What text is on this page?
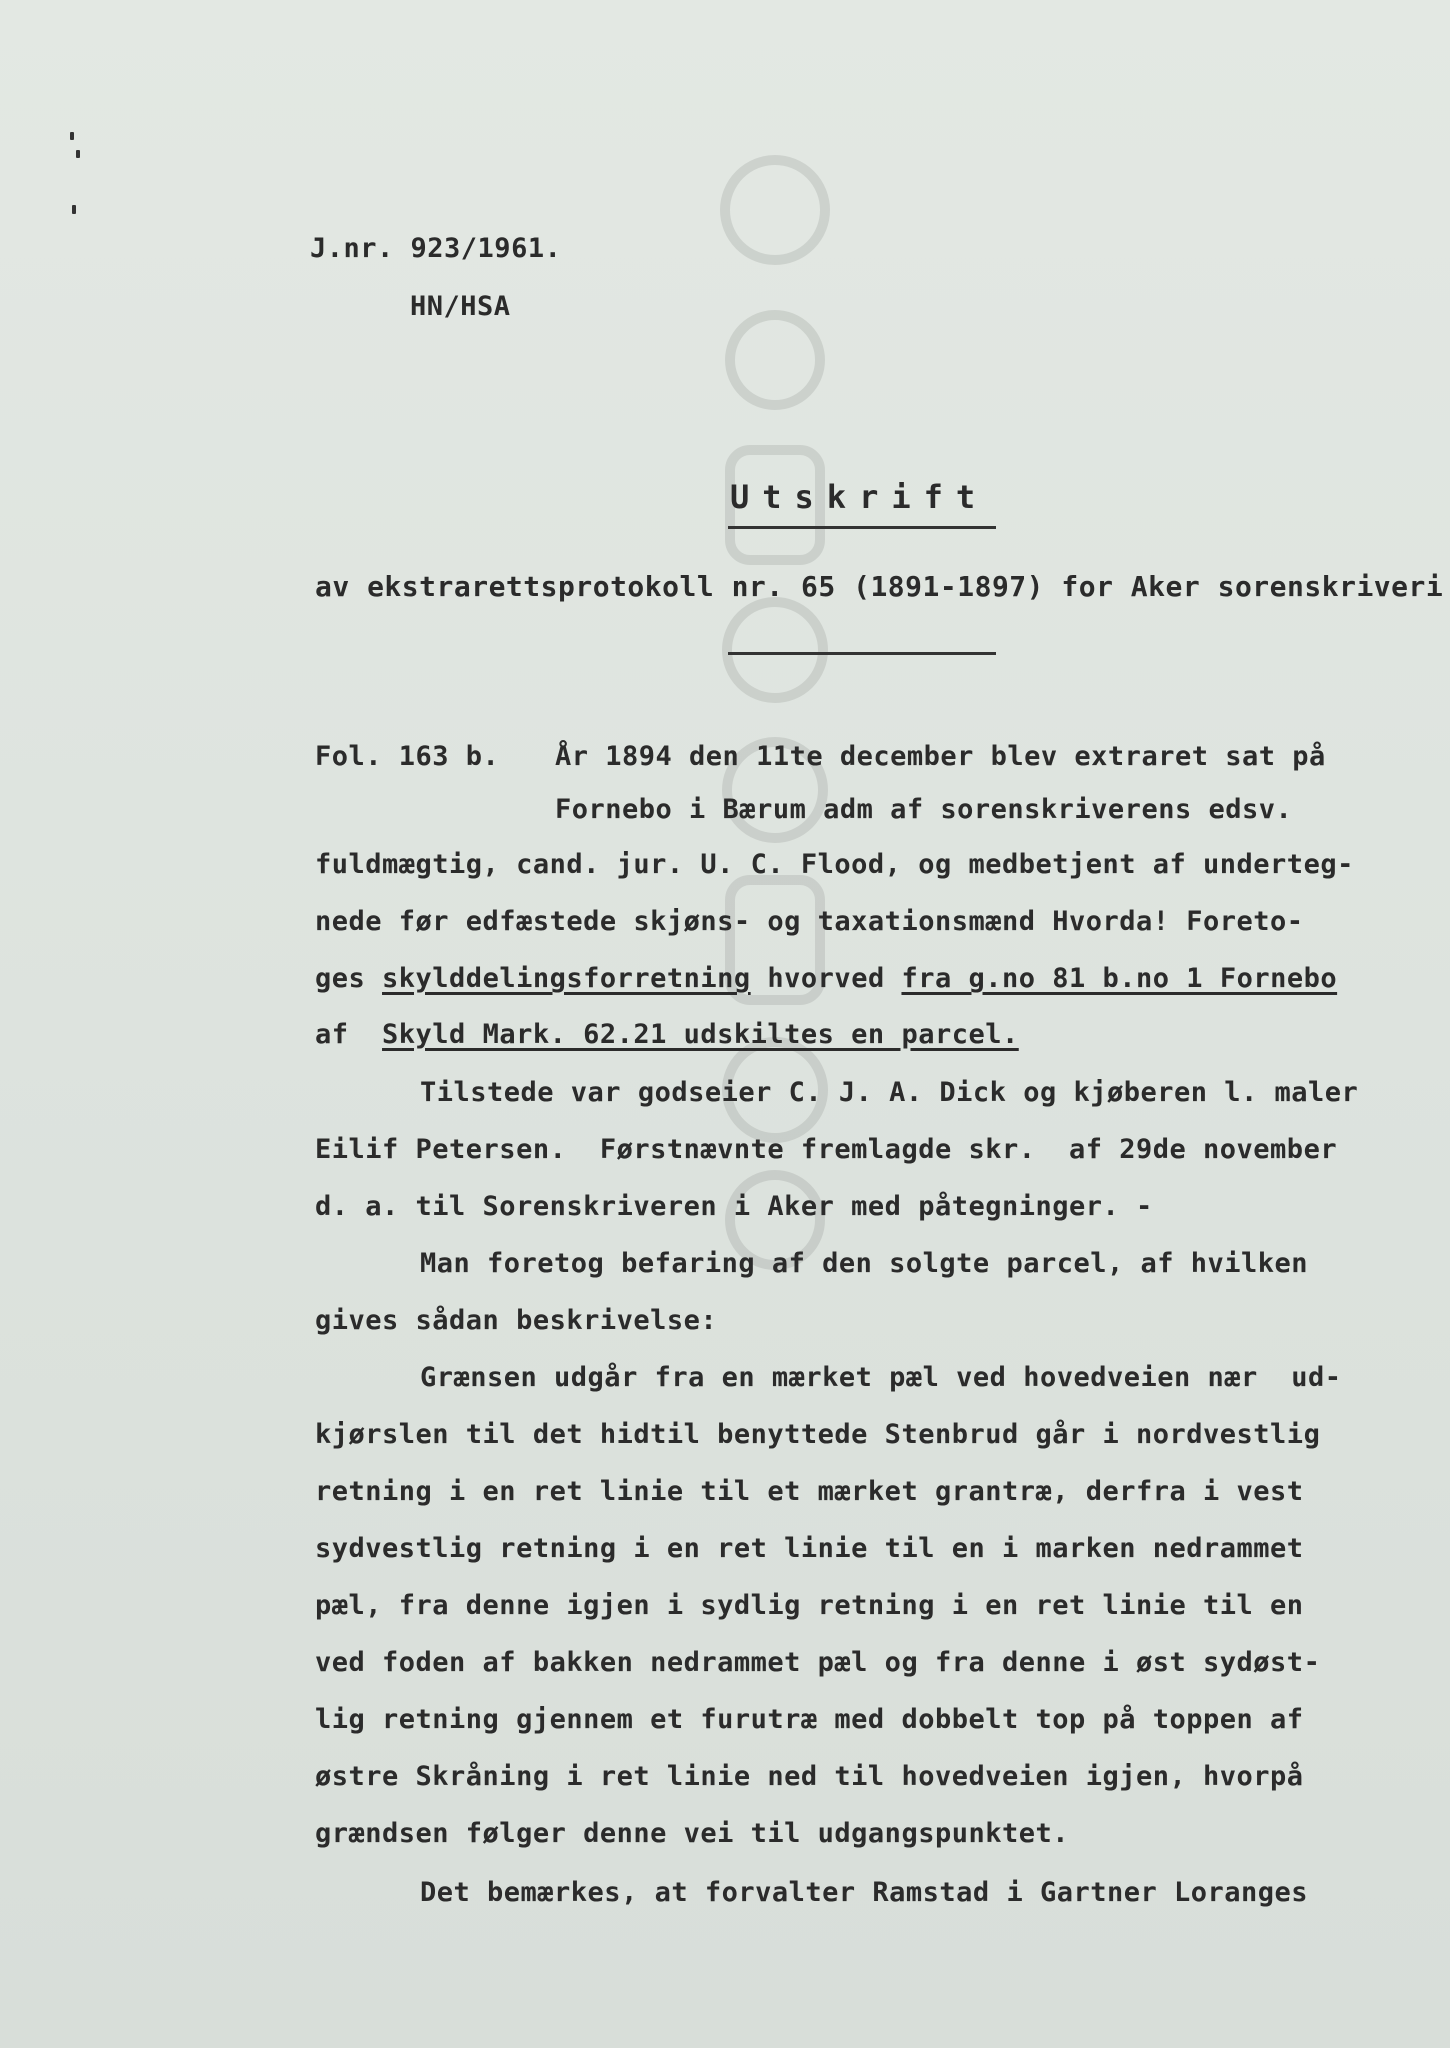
J.nr. 923/1961.
HN/HSA
Utskrift
av ekstrarettsprotokoll nr. 65 (1891-1897) for Aker sorenskriveri
Fol. 163 b. År 1894 den 11te december blev extraret sat på
Fornebo i Bærum adm af sorenskriverens edsv.
fuldmægtig, cand. jur. U. C. Flood, og medbetjent af underteg-
nede før edfæstede skjøns- og taxationsmænd Hvorda! Foreto-
ges skylddelingsforretning hvorved fra g.no 81 b.no 1 Fornebo
af  Skyld Mark. 62.21 udskiltes en parcel.
Tilstede var godseier C. J. A. Dick og kjøberen l. maler
Eilif Petersen.  Førstnævnte fremlagde skr.  af 29de november
d. a. til Sorenskriveren i Aker med påtegninger. -
Man foretog befaring af den solgte parcel, af hvilken
gives sådan beskrivelse:
Grænsen udgår fra en mærket pæl ved hovedveien nær  ud-
kjørslen til det hidtil benyttede Stenbrud går i nordvestlig
retning i en ret linie til et mærket grantræ, derfra i vest
sydvestlig retning i en ret linie til en i marken nedrammet
pæl, fra denne igjen i sydlig retning i en ret linie til en
ved foden af bakken nedrammet pæl og fra denne i øst sydøst-
lig retning gjennem et furutræ med dobbelt top på toppen af
østre Skråning i ret linie ned til hovedveien igjen, hvorpå
grændsen følger denne vei til udgangspunktet.
Det bemærkes, at forvalter Ramstad i Gartner Loranges
